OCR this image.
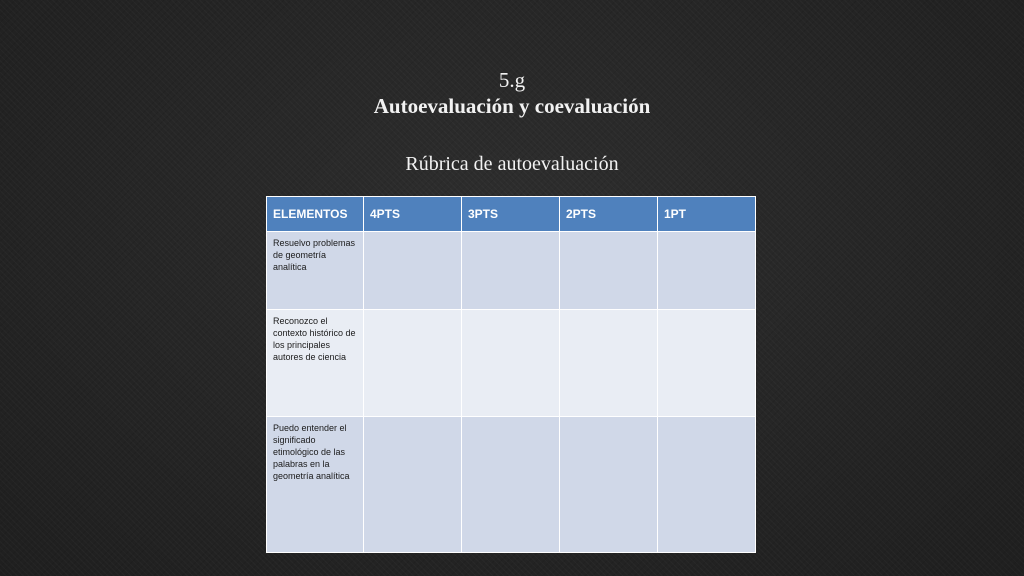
5.g
Autoevaluación y coevaluación
Rúbrica de autoevaluación
ELEMENTOS	4PTS	3PTS	2PTS	1PT

Resuelvo problemas de geometría analítica				

Reconozco el contexto histórico de los principales autores de ciencia				

Puedo entender el significado etimológico de las palabras en la geometría analítica				
